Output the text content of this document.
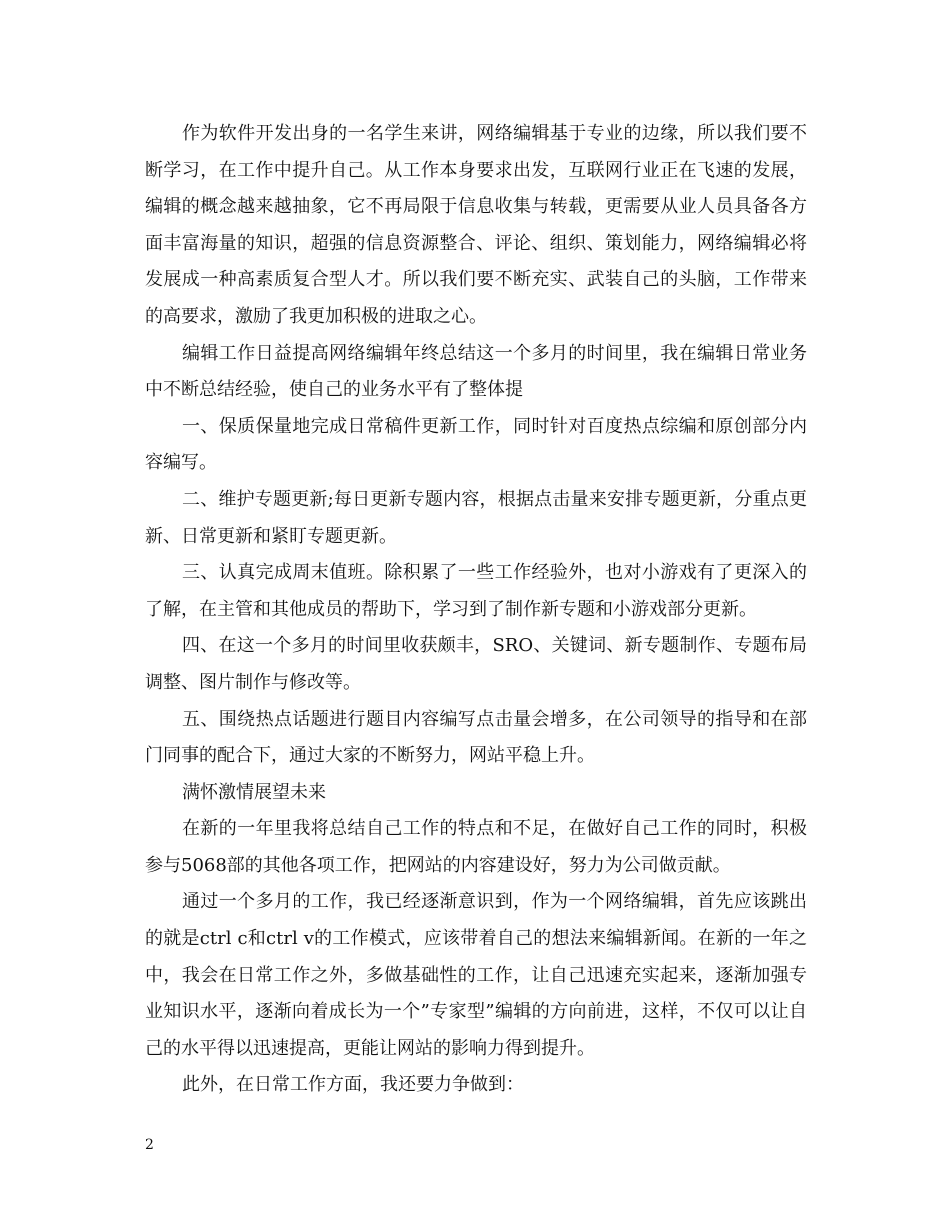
作为软件开发出身的一名学生来讲，网络编辑基于专业的边缘，所以我们要不断学习，在工作中提升自己。从工作本身要求出发，互联网行业正在飞速的发展，编辑的概念越来越抽象，它不再局限于信息收集与转载，更需要从业人员具备各方面丰富海量的知识，超强的信息资源整合、评论、组织、策划能力，网络编辑必将发展成一种高素质复合型人才。所以我们要不断充实、武装自己的头脑，工作带来的高要求，激励了我更加积极的进取之心。

编辑工作日益提高网络编辑年终总结这一个多月的时间里，我在编辑日常业务中不断总结经验，使自己的业务水平有了整体提

一、保质保量地完成日常稿件更新工作，同时针对百度热点综编和原创部分内容编写。

二、维护专题更新;每日更新专题内容，根据点击量来安排专题更新，分重点更新、日常更新和紧盯专题更新。

三、认真完成周末值班。除积累了一些工作经验外，也对小游戏有了更深入的了解，在主管和其他成员的帮助下，学习到了制作新专题和小游戏部分更新。

四、在这一个多月的时间里收获颇丰，SRO、关键词、新专题制作、专题布局调整、图片制作与修改等。

五、围绕热点话题进行题目内容编写点击量会增多，在公司领导的指导和在部门同事的配合下，通过大家的不断努力，网站平稳上升。

满怀激情展望未来

在新的一年里我将总结自己工作的特点和不足，在做好自己工作的同时，积极参与5068部的其他各项工作，把网站的内容建设好，努力为公司做贡献。

通过一个多月的工作，我已经逐渐意识到，作为一个网络编辑，首先应该跳出的就是ctrl c和ctrl v的工作模式，应该带着自己的想法来编辑新闻。在新的一年之中，我会在日常工作之外，多做基础性的工作，让自己迅速充实起来，逐渐加强专业知识水平，逐渐向着成长为一个”专家型”编辑的方向前进，这样，不仅可以让自己的水平得以迅速提高，更能让网站的影响力得到提升。

此外，在日常工作方面，我还要力争做到：

2
